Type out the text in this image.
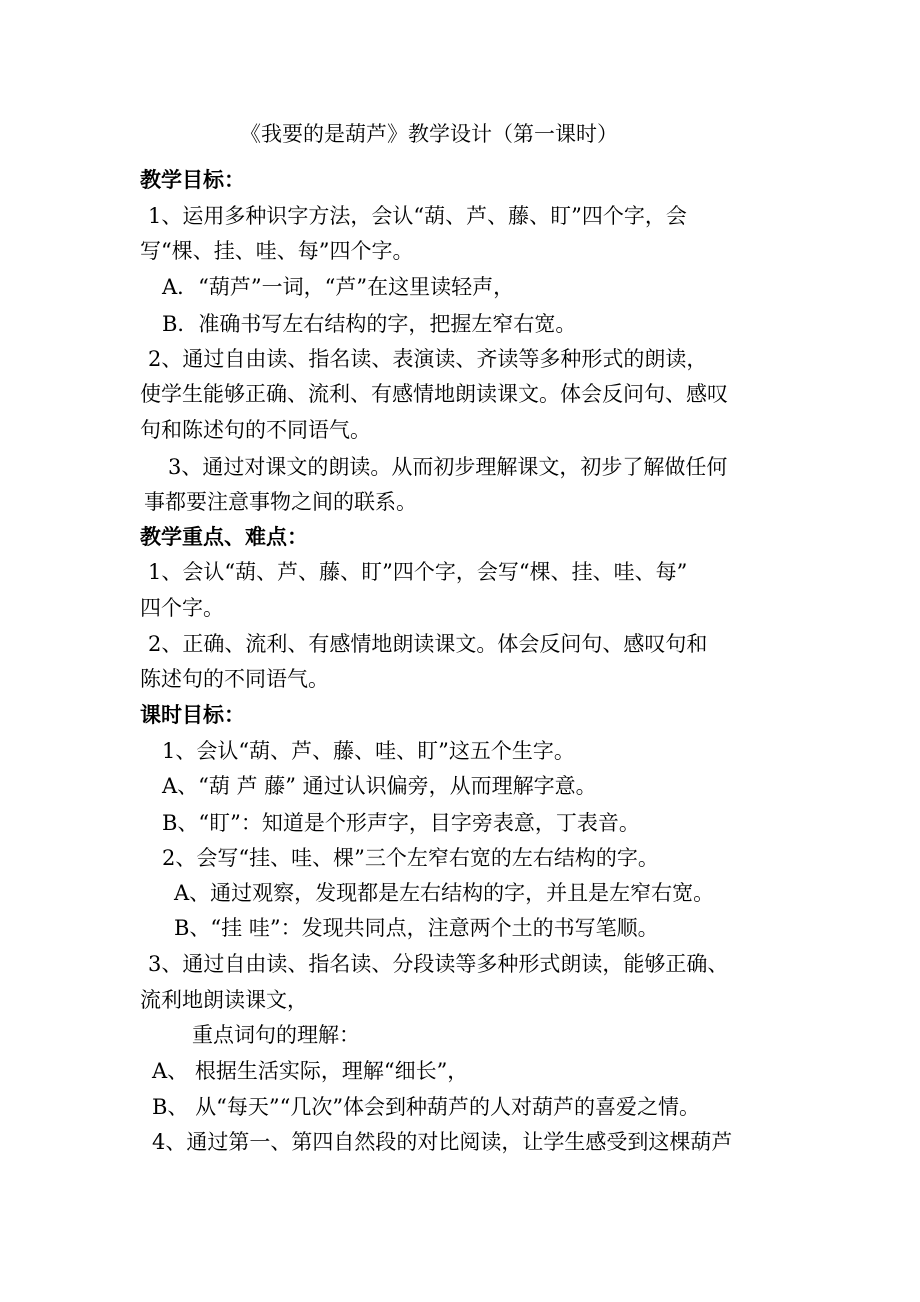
《我要的是葫芦》教学设计（第一课时）
教学目标：
1、运用多种识字方法，会认“葫、芦、藤、盯”四个字，会
写“棵、挂、哇、每”四个字。
A．“葫芦”一词，“芦”在这里读轻声，
B．准确书写左右结构的字，把握左窄右宽。
2、通过自由读、指名读、表演读、齐读等多种形式的朗读，
使学生能够正确、流利、有感情地朗读课文。体会反问句、感叹
句和陈述句的不同语气。
3、通过对课文的朗读。从而初步理解课文，初步了解做任何
事都要注意事物之间的联系。
教学重点、难点：
1、会认“葫、芦、藤、盯”四个字，会写“棵、挂、哇、每”
四个字。
2、正确、流利、有感情地朗读课文。体会反问句、感叹句和
陈述句的不同语气。
课时目标：
1、会认“葫、芦、藤、哇、盯”这五个生字。
A、“葫 芦 藤” 通过认识偏旁，从而理解字意。
B、“盯”：知道是个形声字，目字旁表意，丁表音。
2、会写“挂、哇、棵”三个左窄右宽的左右结构的字。
A、通过观察，发现都是左右结构的字，并且是左窄右宽。
B、“挂 哇”：发现共同点，注意两个土的书写笔顺。
3、通过自由读、指名读、分段读等多种形式朗读，能够正确、
流利地朗读课文，
重点词句的理解：
A、 根据生活实际，理解“细长”，
B、 从“每天”“几次”体会到种葫芦的人对葫芦的喜爱之情。
4、通过第一、第四自然段的对比阅读，让学生感受到这棵葫芦
